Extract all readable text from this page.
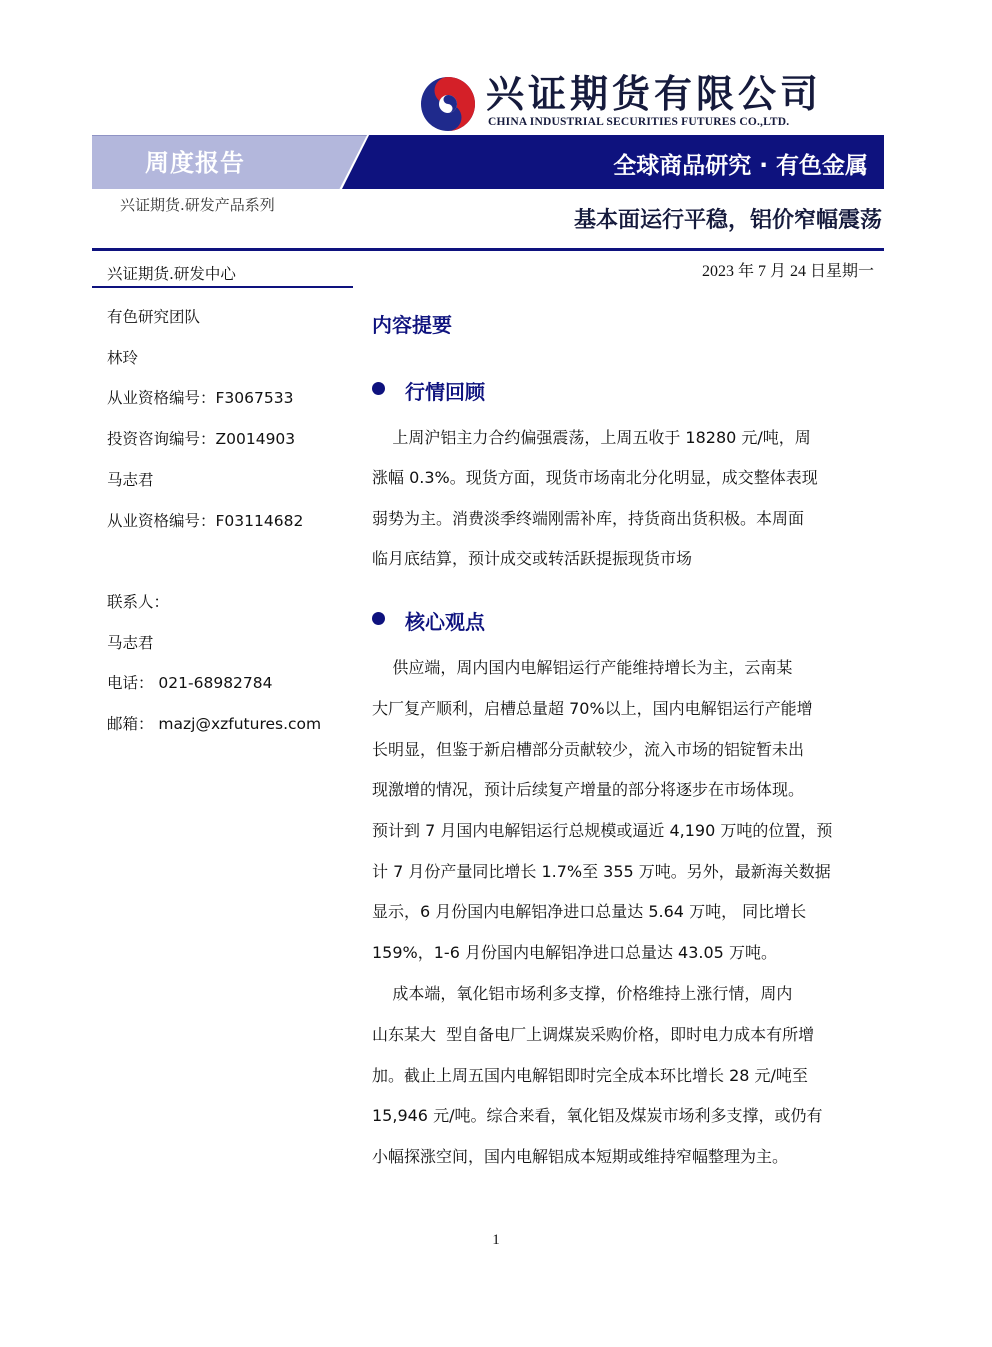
兴证期货有限公司
CHINA INDUSTRIAL SECURITIES FUTURES CO.,LTD.
周度报告	全球商品研究 · 有色金属
兴证期货.研发产品系列
基本面运行平稳，铝价窄幅震荡
兴证期货.研发中心
有色研究团队
林玲
从业资格编号：F3067533
投资咨询编号：Z0014903
马志君
从业资格编号：F03114682
联系人：
马志君
电话： 021-68982784
邮箱： mazj@xzfutures.com
2023 年 7 月 24 日星期一
内容提要
行情回顾
上周沪铝主力合约偏强震荡，上周五收于 18280 元/吨，周
涨幅 0.3%。现货方面，现货市场南北分化明显，成交整体表现
弱势为主。消费淡季终端刚需补库，持货商出货积极。本周面
临月底结算，预计成交或转活跃提振现货市场
核心观点
供应端，周内国内电解铝运行产能维持增长为主，云南某
大厂复产顺利，启槽总量超 70%以上，国内电解铝运行产能增
长明显，但鉴于新启槽部分贡献较少，流入市场的铝锭暂未出
现激增的情况，预计后续复产增量的部分将逐步在市场体现。
预计到 7 月国内电解铝运行总规模或逼近 4,190 万吨的位置，预
计 7 月份产量同比增长 1.7%至 355 万吨。另外，最新海关数据
显示，6 月份国内电解铝净进口总量达 5.64 万吨， 同比增长
159%，1-6 月份国内电解铝净进口总量达 43.05 万吨。
成本端，氧化铝市场利多支撑，价格维持上涨行情，周内
山东某大  型自备电厂上调煤炭采购价格，即时电力成本有所增
加。截止上周五国内电解铝即时完全成本环比增长 28 元/吨至
15,946 元/吨。综合来看，氧化铝及煤炭市场利多支撑，或仍有
小幅探涨空间，国内电解铝成本短期或维持窄幅整理为主。
1
